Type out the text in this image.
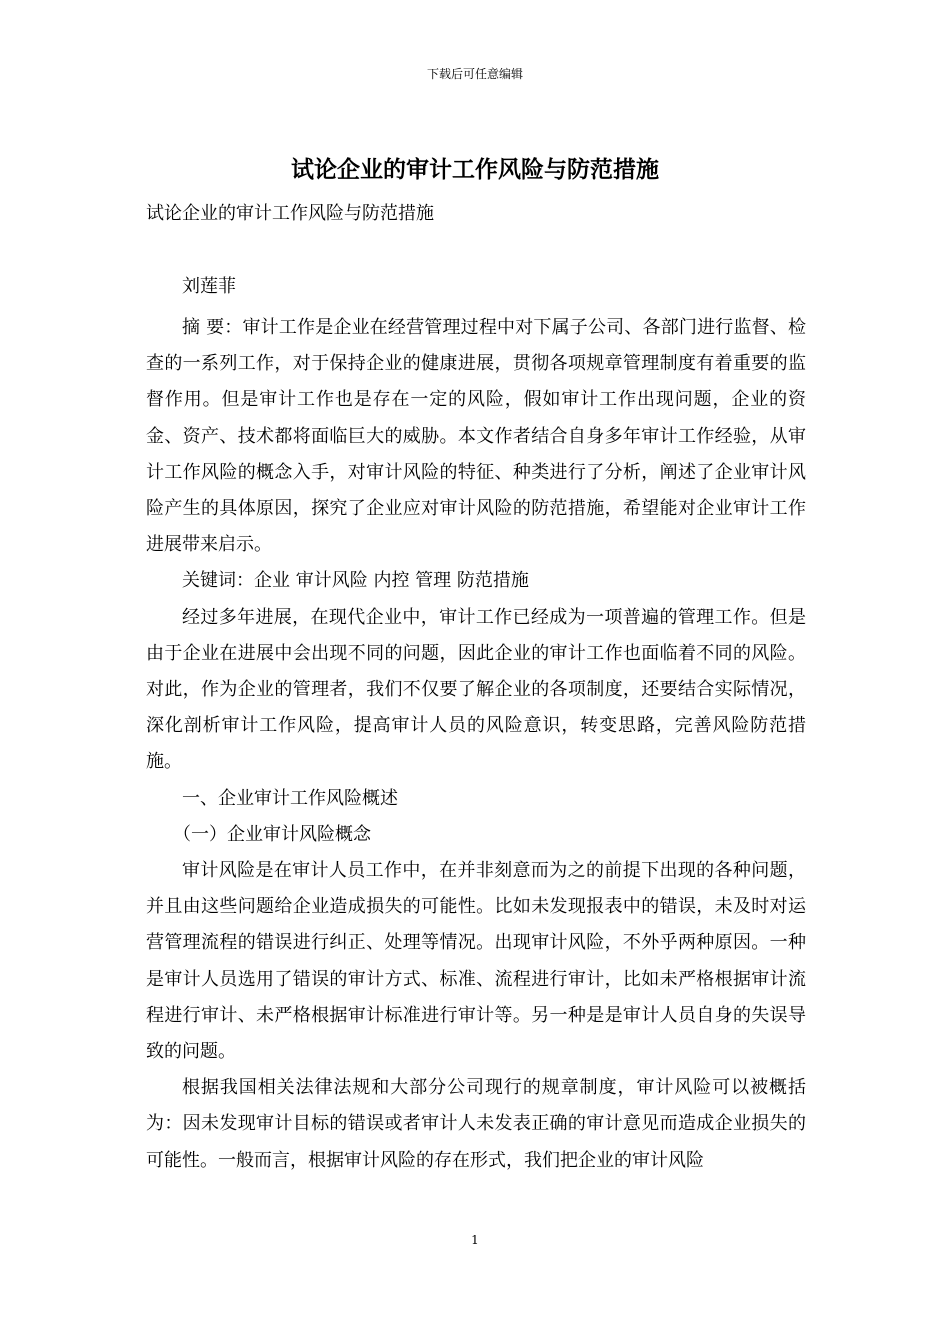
下载后可任意编辑
试论企业的审计工作风险与防范措施
试论企业的审计工作风险与防范措施
刘莲菲

摘 要：审计工作是企业在经营管理过程中对下属子公司、各部门进行监督、检查的一系列工作，对于保持企业的健康进展，贯彻各项规章管理制度有着重要的监督作用。但是审计工作也是存在一定的风险，假如审计工作出现问题，企业的资金、资产、技术都将面临巨大的威胁。本文作者结合自身多年审计工作经验，从审计工作风险的概念入手，对审计风险的特征、种类进行了分析，阐述了企业审计风险产生的具体原因，探究了企业应对审计风险的防范措施，希望能对企业审计工作进展带来启示。

关键词：企业 审计风险 内控 管理 防范措施

经过多年进展，在现代企业中，审计工作已经成为一项普遍的管理工作。但是由于企业在进展中会出现不同的问题，因此企业的审计工作也面临着不同的风险。对此，作为企业的管理者，我们不仅要了解企业的各项制度，还要结合实际情况，深化剖析审计工作风险，提高审计人员的风险意识，转变思路，完善风险防范措施。

一、企业审计工作风险概述

（一）企业审计风险概念

审计风险是在审计人员工作中，在并非刻意而为之的前提下出现的各种问题，并且由这些问题给企业造成损失的可能性。比如未发现报表中的错误，未及时对运营管理流程的错误进行纠正、处理等情况。出现审计风险，不外乎两种原因。一种是审计人员选用了错误的审计方式、标准、流程进行审计，比如未严格根据审计流程进行审计、未严格根据审计标准进行审计等。另一种是是审计人员自身的失误导致的问题。

根据我国相关法律法规和大部分公司现行的规章制度，审计风险可以被概括为：因未发现审计目标的错误或者审计人未发表正确的审计意见而造成企业损失的可能性。一般而言，根据审计风险的存在形式，我们把企业的审计风险

1
